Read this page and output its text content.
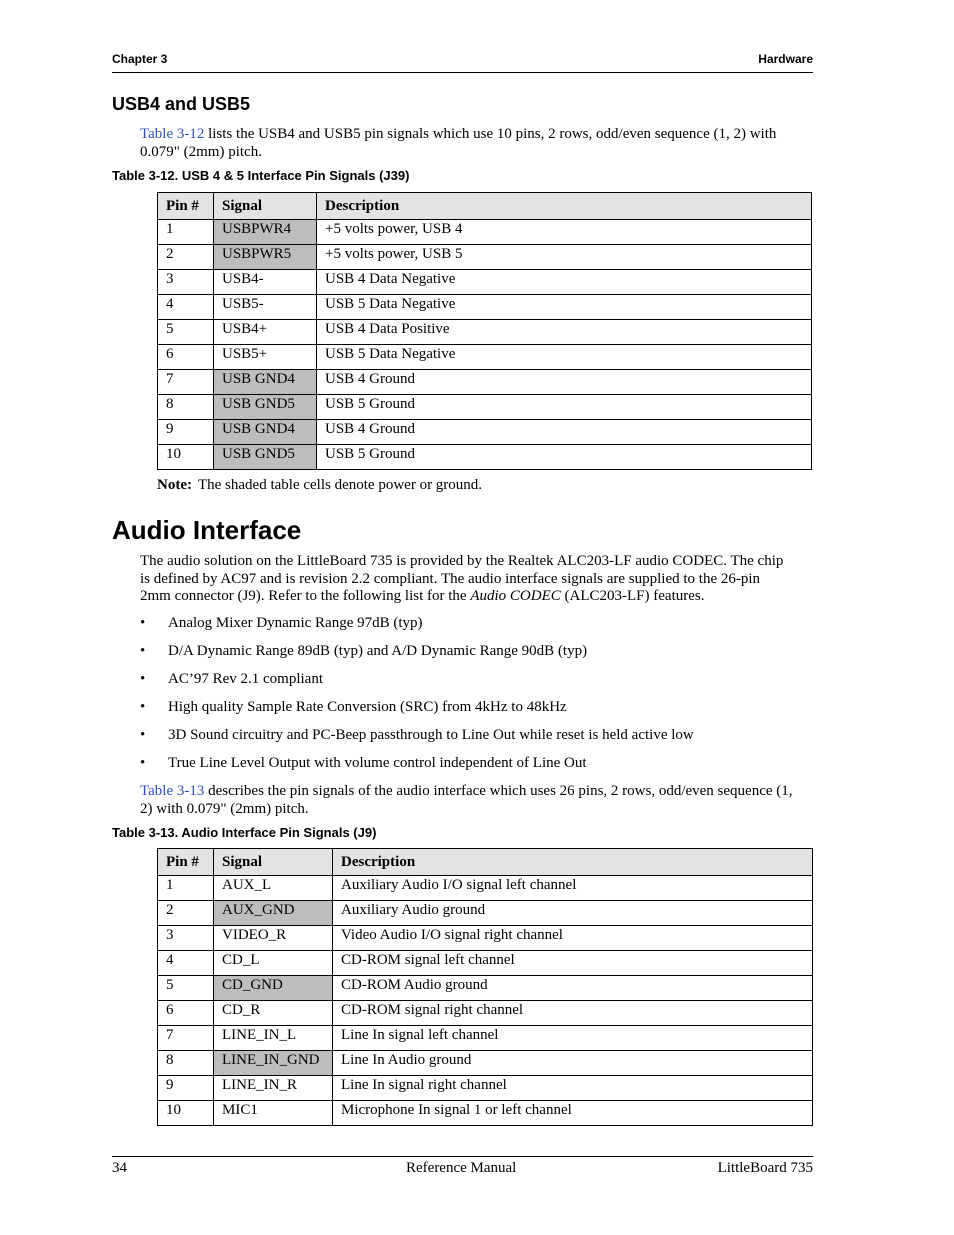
Chapter 3	Hardware
USB4 and USB5
Table 3-12 lists the USB4 and USB5 pin signals which use 10 pins, 2 rows, odd/even sequence (1, 2) with
0.079" (2mm) pitch.
Table 3-12. USB 4 & 5 Interface Pin Signals (J39)
Pin #	Signal	Description
1	USBPWR4	+5 volts power, USB 4
2	USBPWR5	+5 volts power, USB 5
3	USB4-	USB 4 Data Negative
4	USB5-	USB 5 Data Negative
5	USB4+	USB 4 Data Positive
6	USB5+	USB 5 Data Negative
7	USB GND4	USB 4 Ground
8	USB GND5	USB 5 Ground
9	USB GND4	USB 4 Ground
10	USB GND5	USB 5 Ground
Note: The shaded table cells denote power or ground.
Audio Interface
The audio solution on the LittleBoard 735 is provided by the Realtek ALC203-LF audio CODEC. The chip
is defined by AC97 and is revision 2.2 compliant. The audio interface signals are supplied to the 26-pin
2mm connector (J9). Refer to the following list for the Audio CODEC (ALC203-LF) features.
• Analog Mixer Dynamic Range 97dB (typ)
• D/A Dynamic Range 89dB (typ) and A/D Dynamic Range 90dB (typ)
• AC’97 Rev 2.1 compliant
• High quality Sample Rate Conversion (SRC) from 4kHz to 48kHz
• 3D Sound circuitry and PC-Beep passthrough to Line Out while reset is held active low
• True Line Level Output with volume control independent of Line Out
Table 3-13 describes the pin signals of the audio interface which uses 26 pins, 2 rows, odd/even sequence (1,
2) with 0.079" (2mm) pitch.
Table 3-13. Audio Interface Pin Signals (J9)
Pin #	Signal	Description
1	AUX_L	Auxiliary Audio I/O signal left channel
2	AUX_GND	Auxiliary Audio ground
3	VIDEO_R	Video Audio I/O signal right channel
4	CD_L	CD-ROM signal left channel
5	CD_GND	CD-ROM Audio ground
6	CD_R	CD-ROM signal right channel
7	LINE_IN_L	Line In signal left channel
8	LINE_IN_GND	Line In Audio ground
9	LINE_IN_R	Line In signal right channel
10	MIC1	Microphone In signal 1 or left channel
34	Reference Manual	LittleBoard 735
